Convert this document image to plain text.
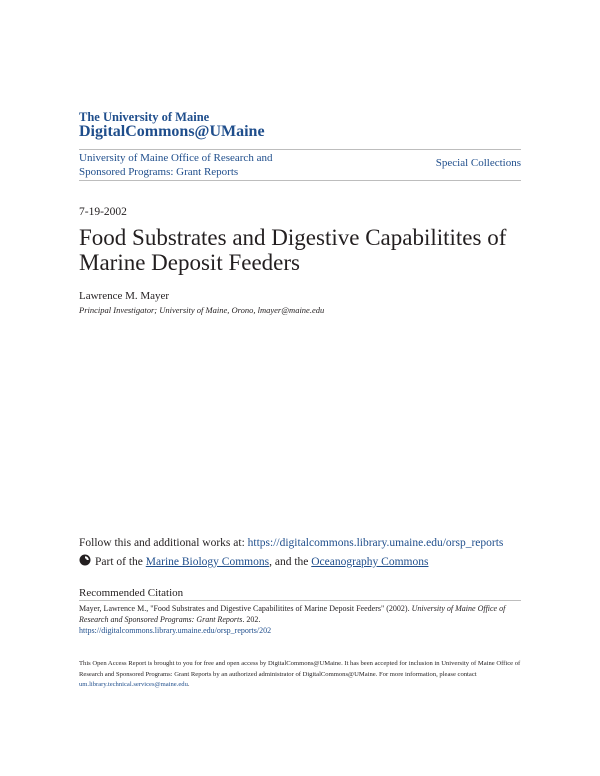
The University of Maine
DigitalCommons@UMaine
University of Maine Office of Research and
Sponsored Programs: Grant Reports
Special Collections
7-19-2002
Food Substrates and Digestive Capabilitites of
Marine Deposit Feeders
Lawrence M. Mayer
Principal Investigator; University of Maine, Orono, lmayer@maine.edu
Follow this and additional works at: https://digitalcommons.library.umaine.edu/orsp_reports
Part of the Marine Biology Commons, and the Oceanography Commons
Recommended Citation
Mayer, Lawrence M., "Food Substrates and Digestive Capabilitites of Marine Deposit Feeders" (2002). University of Maine Office of Research and Sponsored Programs: Grant Reports. 202.
https://digitalcommons.library.umaine.edu/orsp_reports/202
This Open Access Report is brought to you for free and open access by DigitalCommons@UMaine. It has been accepted for inclusion in University of Maine Office of Research and Sponsored Programs: Grant Reports by an authorized administrator of DigitalCommons@UMaine. For more information, please contact um.library.technical.services@maine.edu.
